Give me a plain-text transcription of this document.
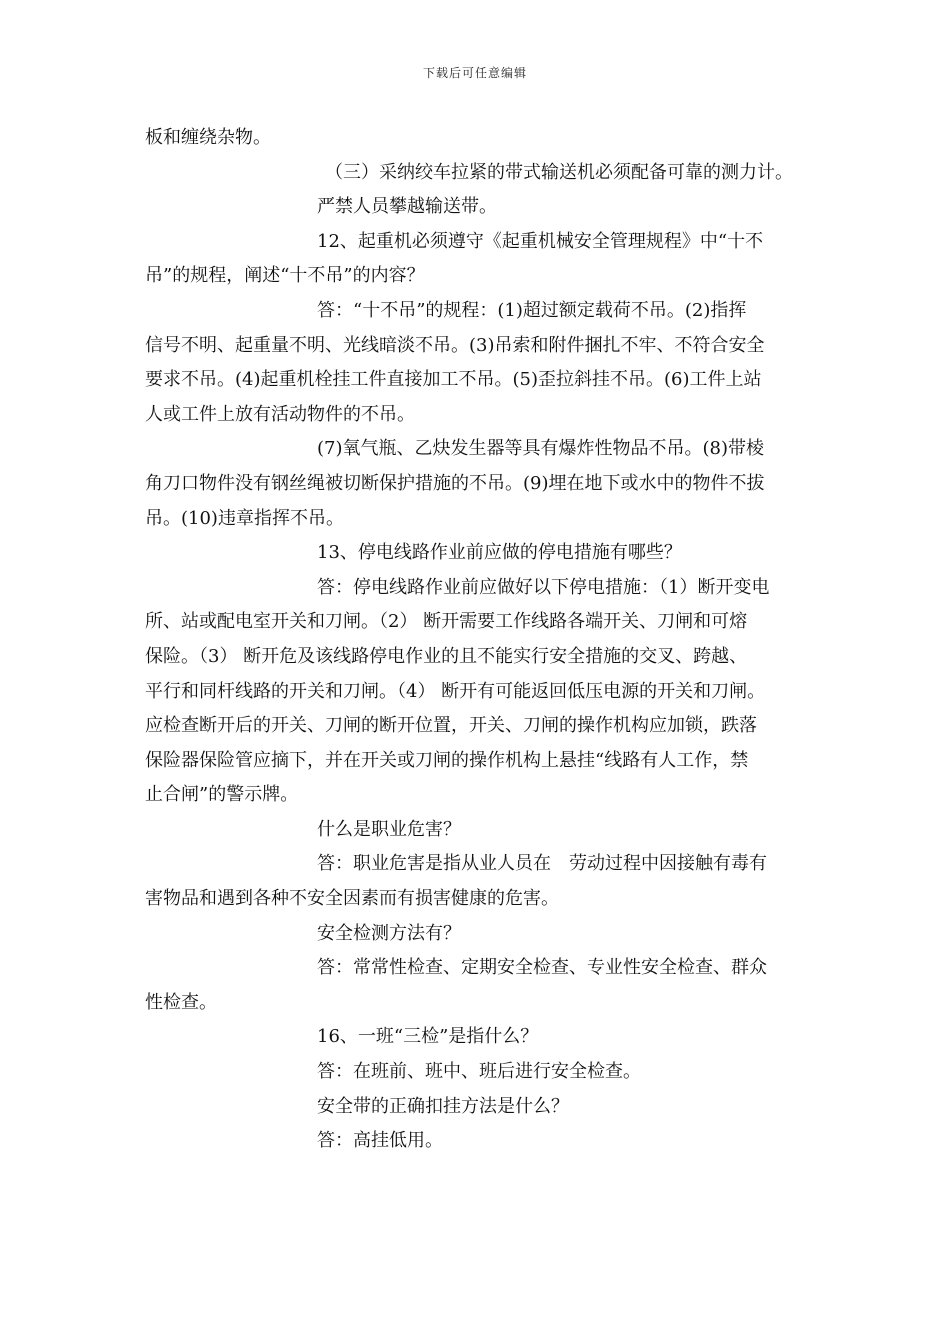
下载后可任意编辑
板和缠绕杂物。
（三）采纳绞车拉紧的带式输送机必须配备可靠的测力计。
严禁人员攀越输送带。
12、起重机必须遵守《起重机械安全管理规程》中“十不
吊”的规程，阐述“十不吊”的内容？
答：“十不吊”的规程：(1)超过额定载荷不吊。(2)指挥
信号不明、起重量不明、光线暗淡不吊。(3)吊索和附件捆扎不牢、不符合安全
要求不吊。(4)起重机栓挂工件直接加工不吊。(5)歪拉斜挂不吊。(6)工件上站
人或工件上放有活动物件的不吊。
(7)氧气瓶、乙炔发生器等具有爆炸性物品不吊。(8)带棱
角刀口物件没有钢丝绳被切断保护措施的不吊。(9)埋在地下或水中的物件不拔
吊。(10)违章指挥不吊。
13、停电线路作业前应做的停电措施有哪些？
答：停电线路作业前应做好以下停电措施：（1）断开变电
所、站或配电室开关和刀闸。（2） 断开需要工作线路各端开关、刀闸和可熔
保险。（3） 断开危及该线路停电作业的且不能实行安全措施的交叉、跨越、
平行和同杆线路的开关和刀闸。（4） 断开有可能返回低压电源的开关和刀闸。
应检查断开后的开关、刀闸的断开位置，开关、刀闸的操作机构应加锁，跌落
保险器保险管应摘下，并在开关或刀闸的操作机构上悬挂“线路有人工作，禁
止合闸”的警示牌。
什么是职业危害？
答：职业危害是指从业人员在　劳动过程中因接触有毒有
害物品和遇到各种不安全因素而有损害健康的危害。
安全检测方法有？
答：常常性检查、定期安全检查、专业性安全检查、群众
性检查。
16、一班“三检”是指什么？
答：在班前、班中、班后进行安全检查。
安全带的正确扣挂方法是什么？
答：高挂低用。
